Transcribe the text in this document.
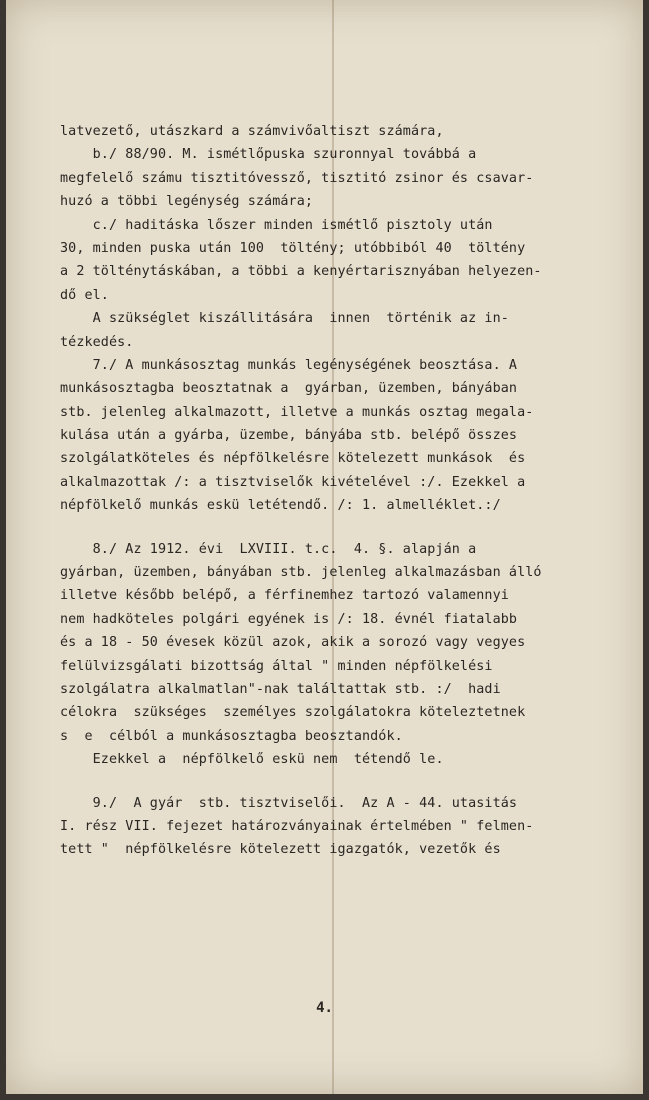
latvezető, utászkard a számvivőaltiszt számára,
b./ 88/90. M. ismétlőpuska szuronnyal továbbá a
megfelelő számu tisztitóvessző, tisztitó zsinor és csavar-
huzó a többi legénység számára;
c./ haditáska lőszer minden ismétlő pisztoly után
30, minden puska után 100  töltény; utóbbiból 40  töltény
a 2 tölténytáskában, a többi a kenyértarisznyában helyezen-
dő el.
A szükséglet kiszállitására  innen  történik az in-
tézkedés.
7./ A munkásosztag munkás legénységének beosztása. A
munkásosztagba beosztatnak a  gyárban, üzemben, bányában
stb. jelenleg alkalmazott, illetve a munkás osztag megala-
kulása után a gyárba, üzembe, bányába stb. belépő összes
szolgálatköteles és népfölkelésre kötelezett munkások  és
alkalmazottak /: a tisztviselők kivételével :/. Ezekkel a
népfölkelő munkás eskü letétendő. /: 1. almelléklet.:/
8./ Az 1912. évi  LXVIII. t.c.  4. §. alapján a
gyárban, üzemben, bányában stb. jelenleg alkalmazásban álló
illetve később belépő, a férfinemhez tartozó valamennyi
nem hadköteles polgári egyének is /: 18. évnél fiatalabb
és a 18 - 50 évesek közül azok, akik a sorozó vagy vegyes
felülvizsgálati bizottság által " minden népfölkelési
szolgálatra alkalmatlan"-nak találtattak stb. :/  hadi
célokra  szükséges  személyes szolgálatokra köteleztetnek
s  e  célból a munkásosztagba beosztandók.
Ezekkel a  népfölkelő eskü nem  tétendő le.
9./  A gyár  stb. tisztviselői.  Az A - 44. utasitás
I. rész VII. fejezet határozványainak értelmében " felmen-
tett "  népfölkelésre kötelezett igazgatók, vezetők és
4.
